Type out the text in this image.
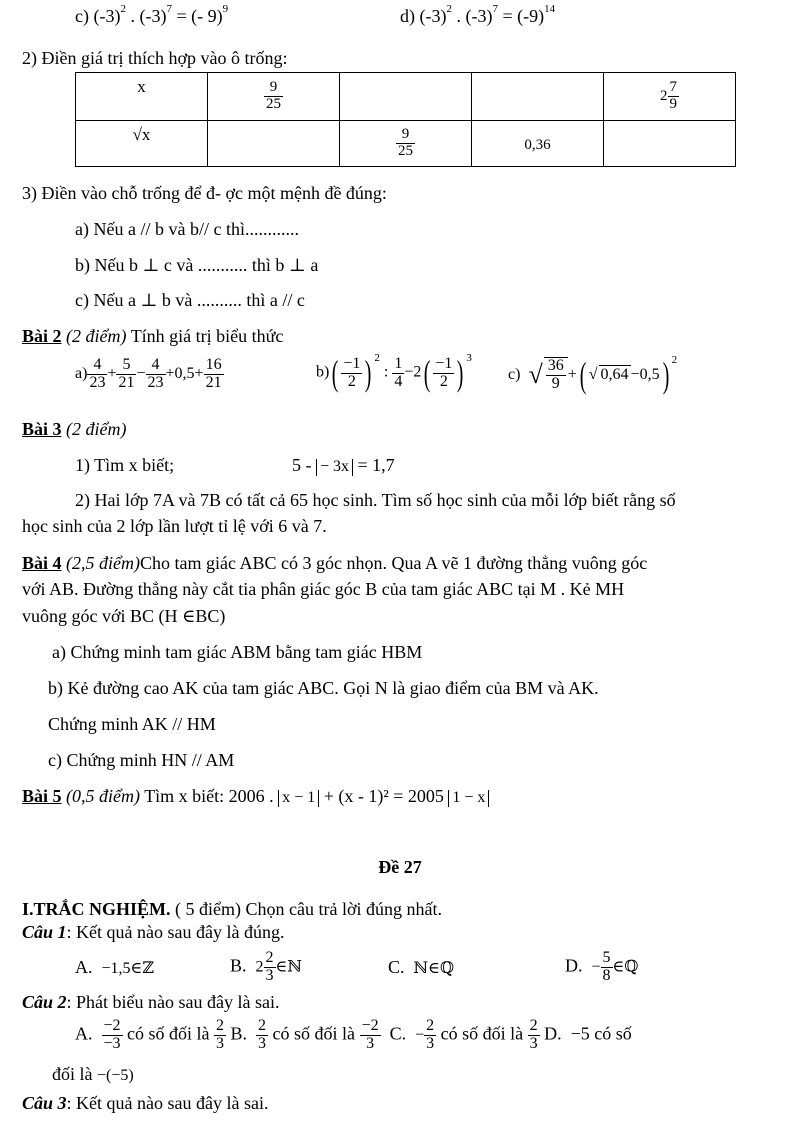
c) $(-3)^2$ . $(-3)^7$ = (- 9)$^9$	d) $(-3)^2$ . $(-3)^7 = (-9)^{14}$
2) Điền giá trị thích hợp vào ô trống:
x	$\frac{9}{25}$			$2 \frac{7}{9}$

√x		$\frac{9}{25}$	0,36	
3) Điền vào chỗ trống để đ- ợc một mệnh đề đúng:
a) Nếu a // b và b// c thì............
b) Nếu b ⊥ c và ........... thì b ⊥ a
c) Nếu a ⊥ b và .......... thì a // c
Bài 2 (2 điểm) Tính giá trị biểu thức
$a) \frac{4}{23} + \frac{5}{21} - \frac{4}{23} +0,5+ \frac{16}{21}$	$b)( \frac{-1}{2}$ ) $^2$ : $\frac{1}{4} -2( \frac{-1}{2}$ ) $^3$
c) √ $\frac{36}{9}$ +( √ 0,64 −0,5) $^2$
Bài 3 (2 điểm)
1) Tìm x biết;	5 - − 3x = 1,7
2) Hai lớp 7A và 7B có tất cả 65 học sinh. Tìm số học sinh của mỗi lớp biết rằng số
học sinh của 2 lớp lần lượt tỉ lệ với 6 và 7.
Bài 4 (2,5 điểm)Cho tam giác ABC có 3 góc nhọn. Qua A vẽ 1 đường thẳng vuông góc
với AB. Đường thẳng này cắt tia phân giác góc B của tam giác ABC tại M . Kẻ MH
vuông góc với BC (H ∈BC)
a) Chứng minh tam giác ABM bằng tam giác HBM
b) Kẻ đường cao AK của tam giác ABC. Gọi N là giao điểm của BM và AK.
Chứng minh AK // HM
c) Chứng minh HN // AM
Bài 5 (0,5 điểm) Tìm x biết: 2006 . x − 1 + (x - 1)² = 2005 1 − x
Đề 27
I.TRẮC NGHIỆM. ( 5 điểm) Chọn câu trả lời đúng nhất.
Câu 1: Kết quả nào sau đây là đúng.
A. −1,5∈ℤ	B. $2 \frac{2}{3}$ ∈ℕ	C. ℕ∈ℚ	D. − $\frac{5}{8}$ ∈ℚ
Câu 2: Phát biểu nào sau đây là sai.
A. $\frac{-2}{-3}$ có số đối là $\frac{2}{3} B$. $\frac{2}{3}$ có số đối là $\frac{-2}{3} C$. − $\frac{2}{3}$ có số đối là $\frac{2}{3} D$. −5 có số
đối là −(−5)
Câu 3: Kết quả nào sau đây là sai.
